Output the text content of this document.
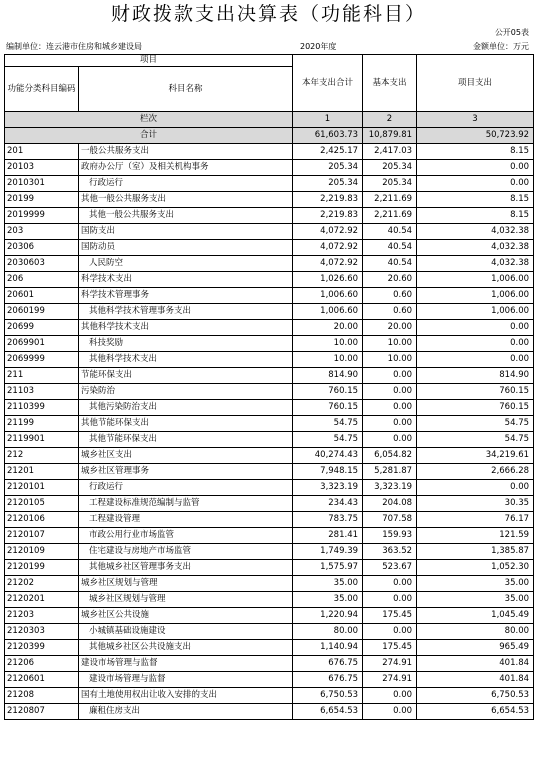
财政拨款支出决算表（功能科目）
公开05表
编制单位：连云港市住房和城乡建设局	2020年度	金额单位：万元
项目		本年支出合计	基本支出	项目支出
功能分类科目编码	科目名称			
栏次		1	2	3
合计		61,603.73	10,879.81	50,723.92
201	一般公共服务支出	2,425.17	2,417.03	8.15
20103	政府办公厅（室）及相关机构事务	205.34	205.34	0.00
2010301	行政运行	205.34	205.34	0.00
20199	其他一般公共服务支出	2,219.83	2,211.69	8.15
2019999	其他一般公共服务支出	2,219.83	2,211.69	8.15
203	国防支出	4,072.92	40.54	4,032.38
20306	国防动员	4,072.92	40.54	4,032.38
2030603	人民防空	4,072.92	40.54	4,032.38
206	科学技术支出	1,026.60	20.60	1,006.00
20601	科学技术管理事务	1,006.60	0.60	1,006.00
2060199	其他科学技术管理事务支出	1,006.60	0.60	1,006.00
20699	其他科学技术支出	20.00	20.00	0.00
2069901	科技奖励	10.00	10.00	0.00
2069999	其他科学技术支出	10.00	10.00	0.00
211	节能环保支出	814.90	0.00	814.90
21103	污染防治	760.15	0.00	760.15
2110399	其他污染防治支出	760.15	0.00	760.15
21199	其他节能环保支出	54.75	0.00	54.75
2119901	其他节能环保支出	54.75	0.00	54.75
212	城乡社区支出	40,274.43	6,054.82	34,219.61
21201	城乡社区管理事务	7,948.15	5,281.87	2,666.28
2120101	行政运行	3,323.19	3,323.19	0.00
2120105	工程建设标准规范编制与监管	234.43	204.08	30.35
2120106	工程建设管理	783.75	707.58	76.17
2120107	市政公用行业市场监管	281.41	159.93	121.59
2120109	住宅建设与房地产市场监管	1,749.39	363.52	1,385.87
2120199	其他城乡社区管理事务支出	1,575.97	523.67	1,052.30
21202	城乡社区规划与管理	35.00	0.00	35.00
2120201	城乡社区规划与管理	35.00	0.00	35.00
21203	城乡社区公共设施	1,220.94	175.45	1,045.49
2120303	小城镇基础设施建设	80.00	0.00	80.00
2120399	其他城乡社区公共设施支出	1,140.94	175.45	965.49
21206	建设市场管理与监督	676.75	274.91	401.84
2120601	建设市场管理与监督	676.75	274.91	401.84
21208	国有土地使用权出让收入安排的支出	6,750.53	0.00	6,750.53
2120807	廉租住房支出	6,654.53	0.00	6,654.53
